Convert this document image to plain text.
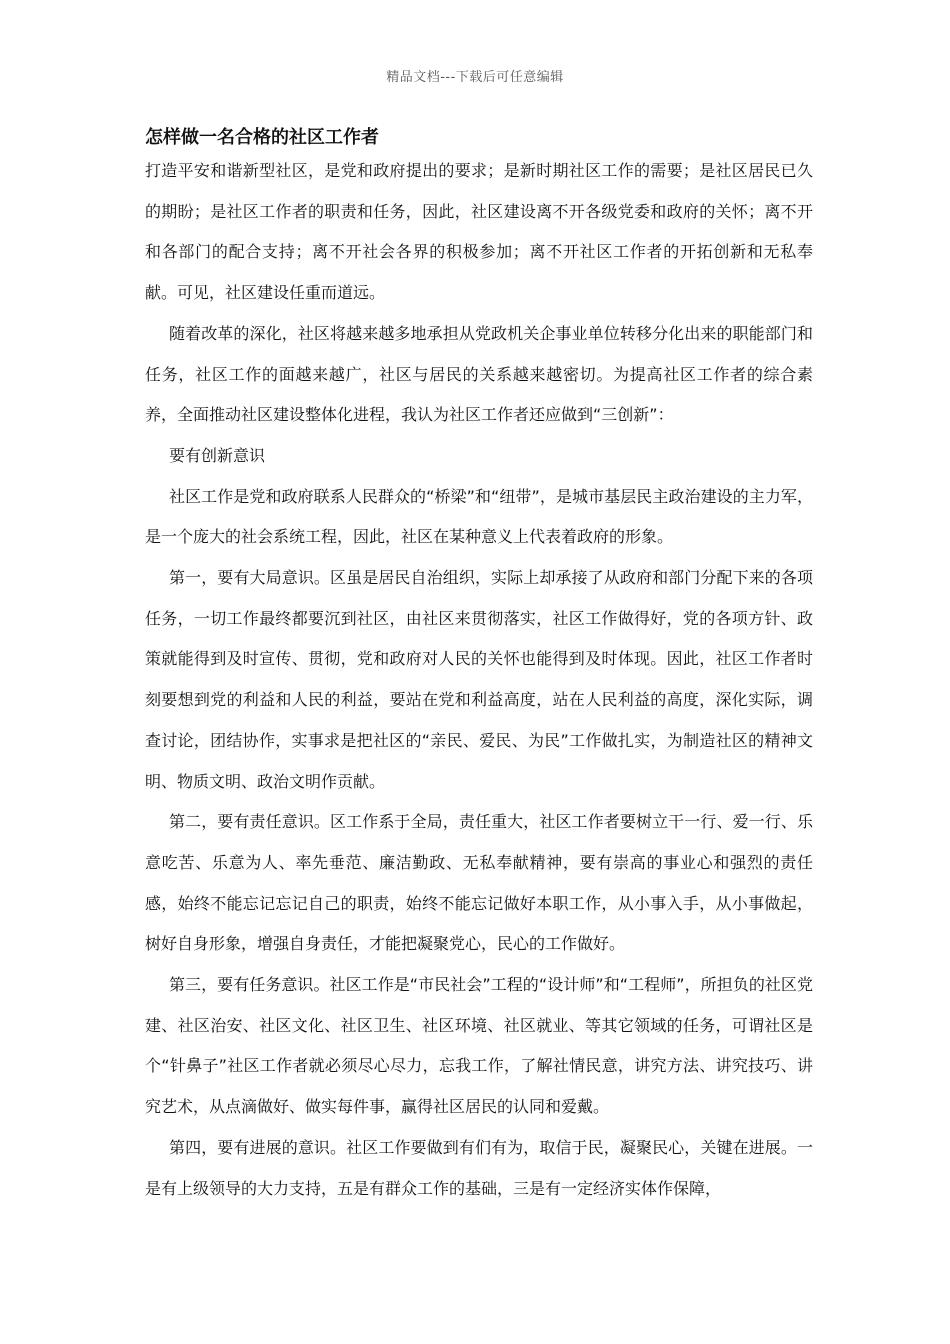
精品文档---下载后可任意编辑
怎样做一名合格的社区工作者

打造平安和谐新型社区，是党和政府提出的要求；是新时期社区工作的需要；是社区居民已久的期盼；是社区工作者的职责和任务，因此，社区建设离不开各级党委和政府的关怀；离不开和各部门的配合支持；离不开社会各界的积极参加；离不开社区工作者的开拓创新和无私奉献。可见，社区建设任重而道远。

随着改革的深化，社区将越来越多地承担从党政机关企事业单位转移分化出来的职能部门和任务，社区工作的面越来越广，社区与居民的关系越来越密切。为提高社区工作者的综合素养，全面推动社区建设整体化进程，我认为社区工作者还应做到“三创新”：

要有创新意识

社区工作是党和政府联系人民群众的“桥梁”和“纽带”，是城市基层民主政治建设的主力军，是一个庞大的社会系统工程，因此，社区在某种意义上代表着政府的形象。

第一，要有大局意识。区虽是居民自治组织，实际上却承接了从政府和部门分配下来的各项任务，一切工作最终都要沉到社区，由社区来贯彻落实，社区工作做得好，党的各项方针、政策就能得到及时宣传、贯彻，党和政府对人民的关怀也能得到及时体现。因此，社区工作者时刻要想到党的利益和人民的利益，要站在党和利益高度，站在人民利益的高度，深化实际，调查讨论，团结协作，实事求是把社区的“亲民、爱民、为民”工作做扎实，为制造社区的精神文明、物质文明、政治文明作贡献。

第二，要有责任意识。区工作系于全局，责任重大，社区工作者要树立干一行、爱一行、乐意吃苦、乐意为人、率先垂范、廉洁勤政、无私奉献精神，要有崇高的事业心和强烈的责任感，始终不能忘记忘记自己的职责，始终不能忘记做好本职工作，从小事入手，从小事做起，树好自身形象，增强自身责任，才能把凝聚党心，民心的工作做好。

第三，要有任务意识。社区工作是“市民社会”工程的“设计师”和“工程师”，所担负的社区党建、社区治安、社区文化、社区卫生、社区环境、社区就业、等其它领域的任务，可谓社区是个“针鼻子”社区工作者就必须尽心尽力，忘我工作，了解社情民意，讲究方法、讲究技巧、讲究艺术，从点滴做好、做实每件事，赢得社区居民的认同和爱戴。

第四，要有进展的意识。社区工作要做到有们有为，取信于民，凝聚民心，关键在进展。一是有上级领导的大力支持，五是有群众工作的基础，三是有一定经济实体作保障，
